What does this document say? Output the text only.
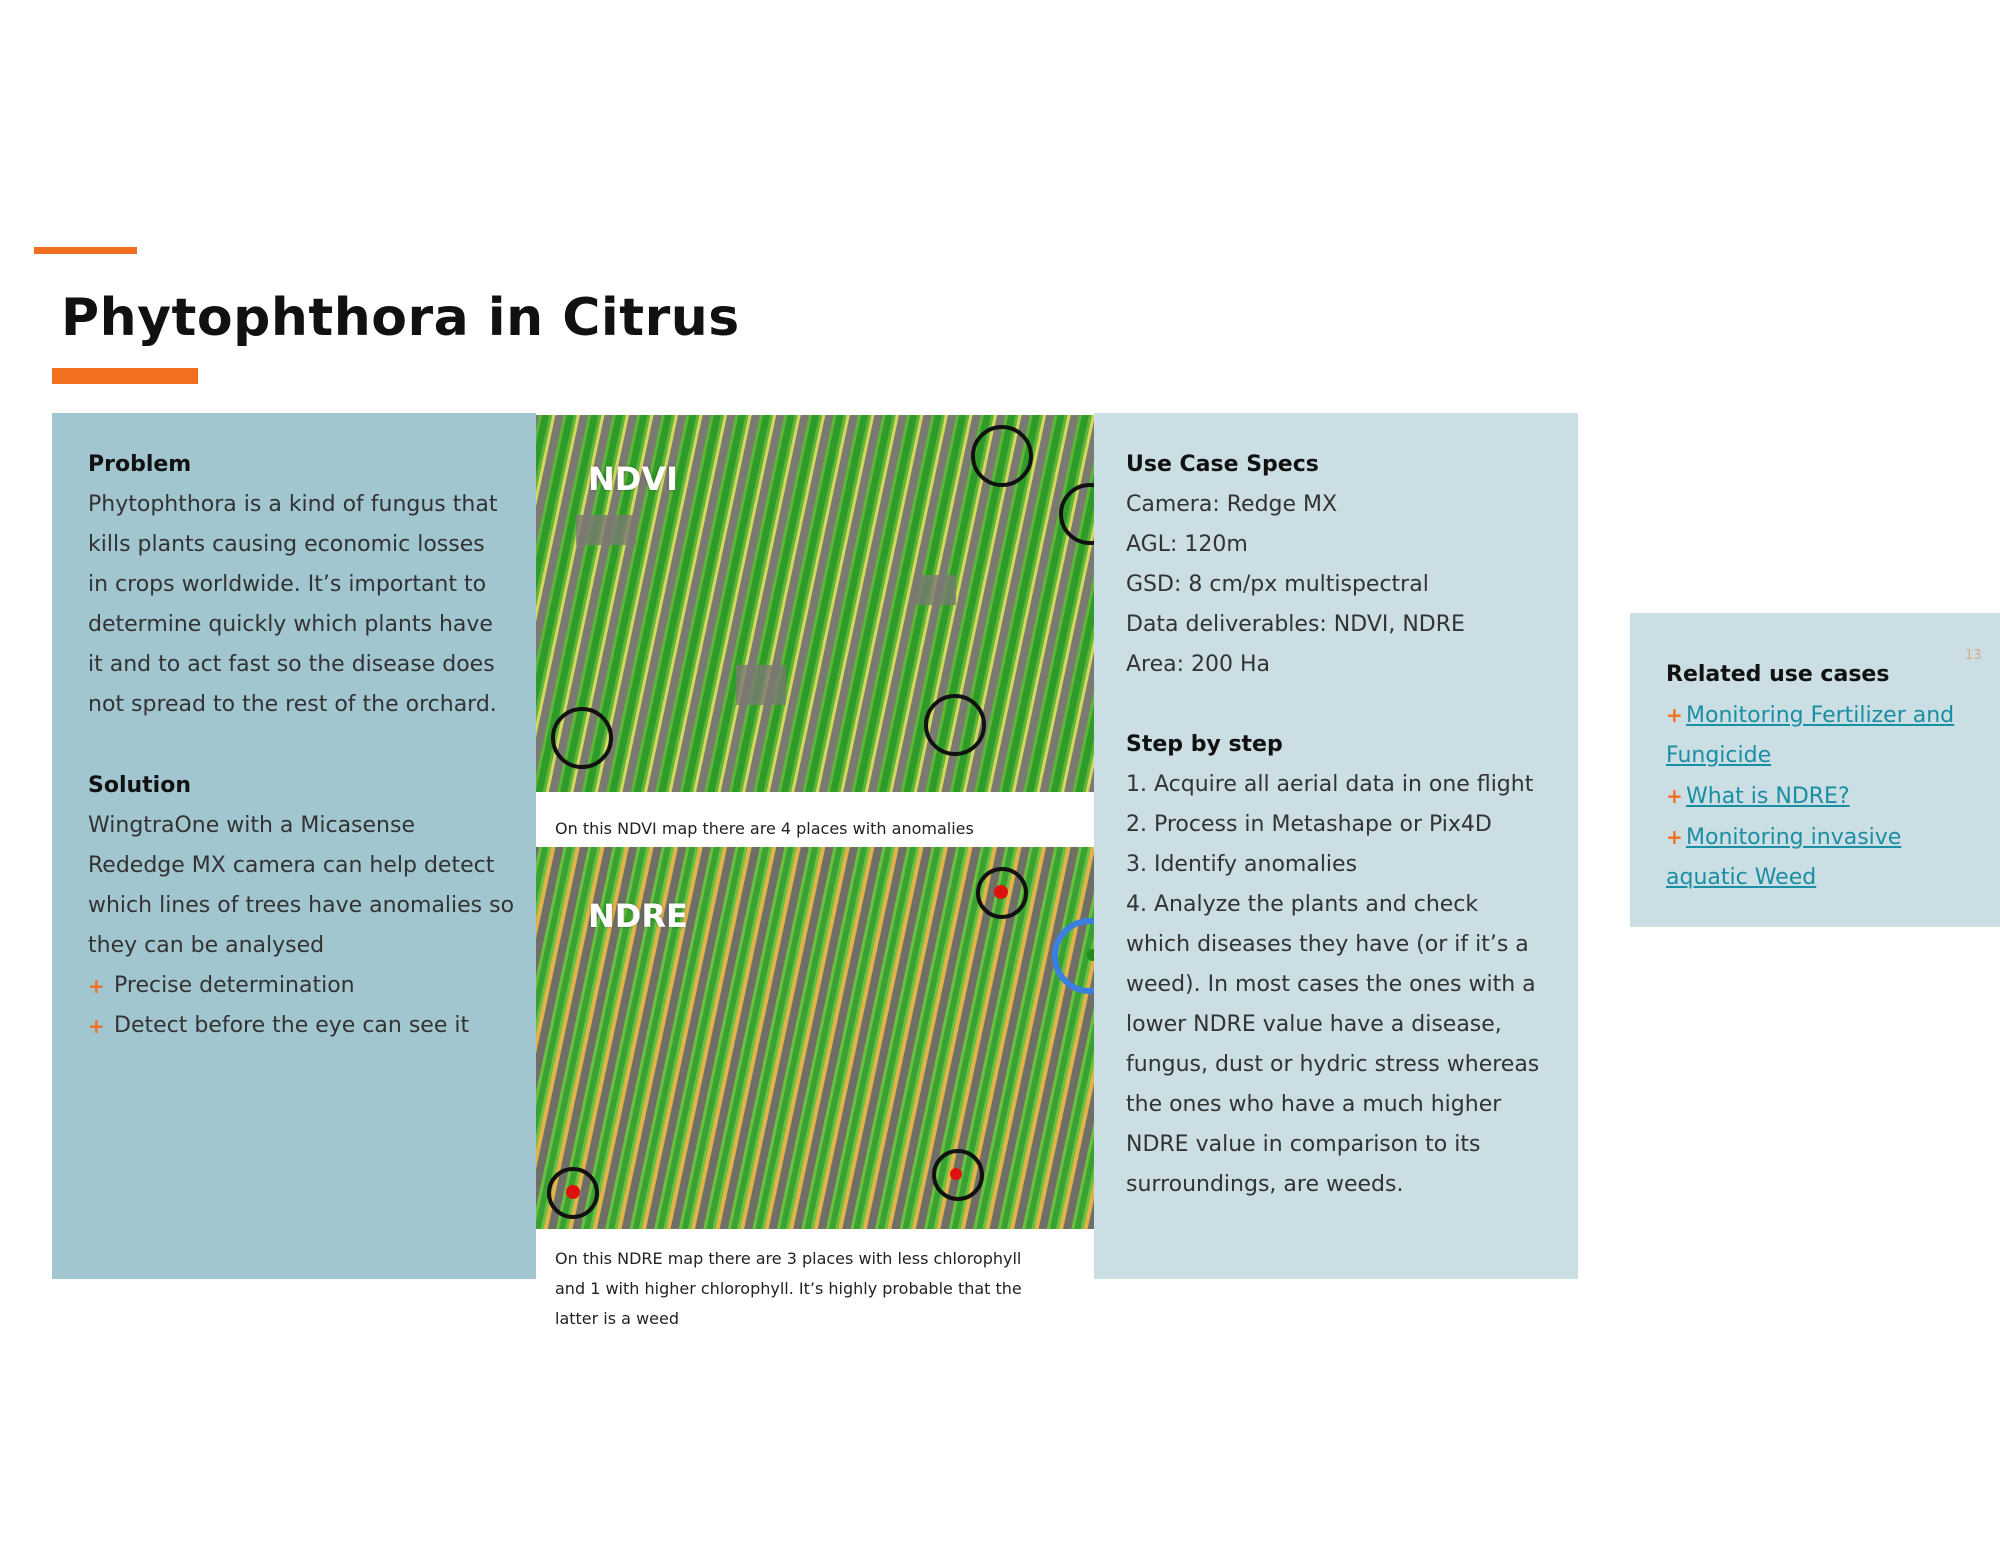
Phytophthora in Citrus
Problem

Phytophthora is a kind of fungus that

kills plants causing economic losses

in crops worldwide. It’s important to

determine quickly which plants have

it and to act fast so the disease does

not spread to the rest of the orchard.

Solution

WingtraOne with a Micasense

Rededge MX camera can help detect

which lines of trees have anomalies so

they can be analysed

+ Precise determination
+ Detect before the eye can see it
NDVI
On this NDVI map there are 4 places with anomalies
NDRE
On this NDRE map there are 3 places with less chlorophyll
and 1 with higher chlorophyll. It’s highly probable that the
latter is a weed
Use Case Specs
Camera: Redge MX
AGL: 120m
GSD: 8 cm/px multispectral
Data deliverables: NDVI, NDRE
Area: 200 Ha
Step by step
1. Acquire all aerial data in one flight
2. Process in Metashape or Pix4D
3. Identify anomalies
4. Analyze the plants and check
which diseases they have (or if it’s a
weed). In most cases the ones with a
lower NDRE value have a disease,
fungus, dust or hydric stress whereas
the ones who have a much higher
NDRE value in comparison to its
surroundings, are weeds.
13
Related use cases
+ Monitoring Fertilizer and
Fungicide
+ What is NDRE?
+ Monitoring invasive
aquatic Weed
